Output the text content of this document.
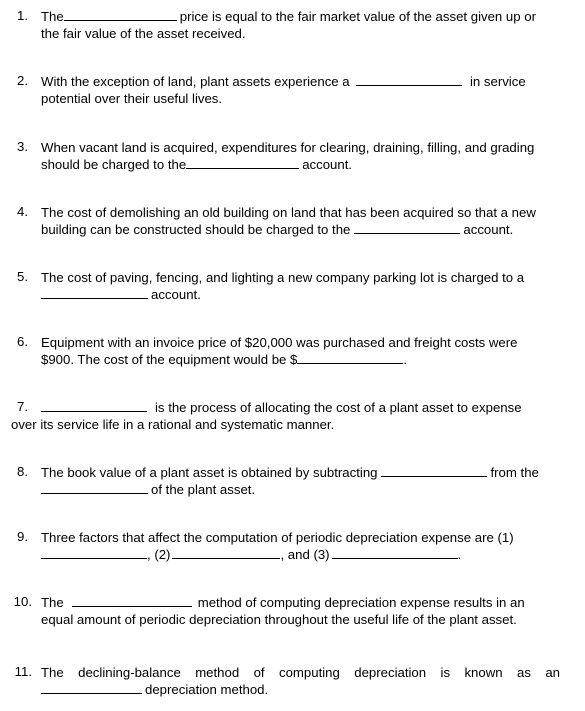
1. The	price is equal to the fair market value of the asset given up or
the fair value of the asset received.
2. With the exception of land, plant assets experience a	in service
potential over their useful lives.
3. When vacant land is acquired, expenditures for clearing, draining, filling, and grading
should be charged to the	account.
4. The cost of demolishing an old building on land that has been acquired so that a new
building can be constructed should be charged to the	account.
5. The cost of paving, fencing, and lighting a new company parking lot is charged to a
account.
6. Equipment with an invoice price of $20,000 was purchased and freight costs were
$900. The cost of the equipment would be $	.
7.	is the process of allocating the cost of a plant asset to expense
over its service life in a rational and systematic manner.
8. The book value of a plant asset is obtained by subtracting	from the
of the plant asset.
9. Three factors that affect the computation of periodic depreciation expense are (1)
, (2)	, and (3)	.
10. The	method of computing depreciation expense results in an
equal amount of periodic depreciation throughout the useful life of the plant asset.
11. The declining-balance method of computing depreciation is known as an
depreciation method.
